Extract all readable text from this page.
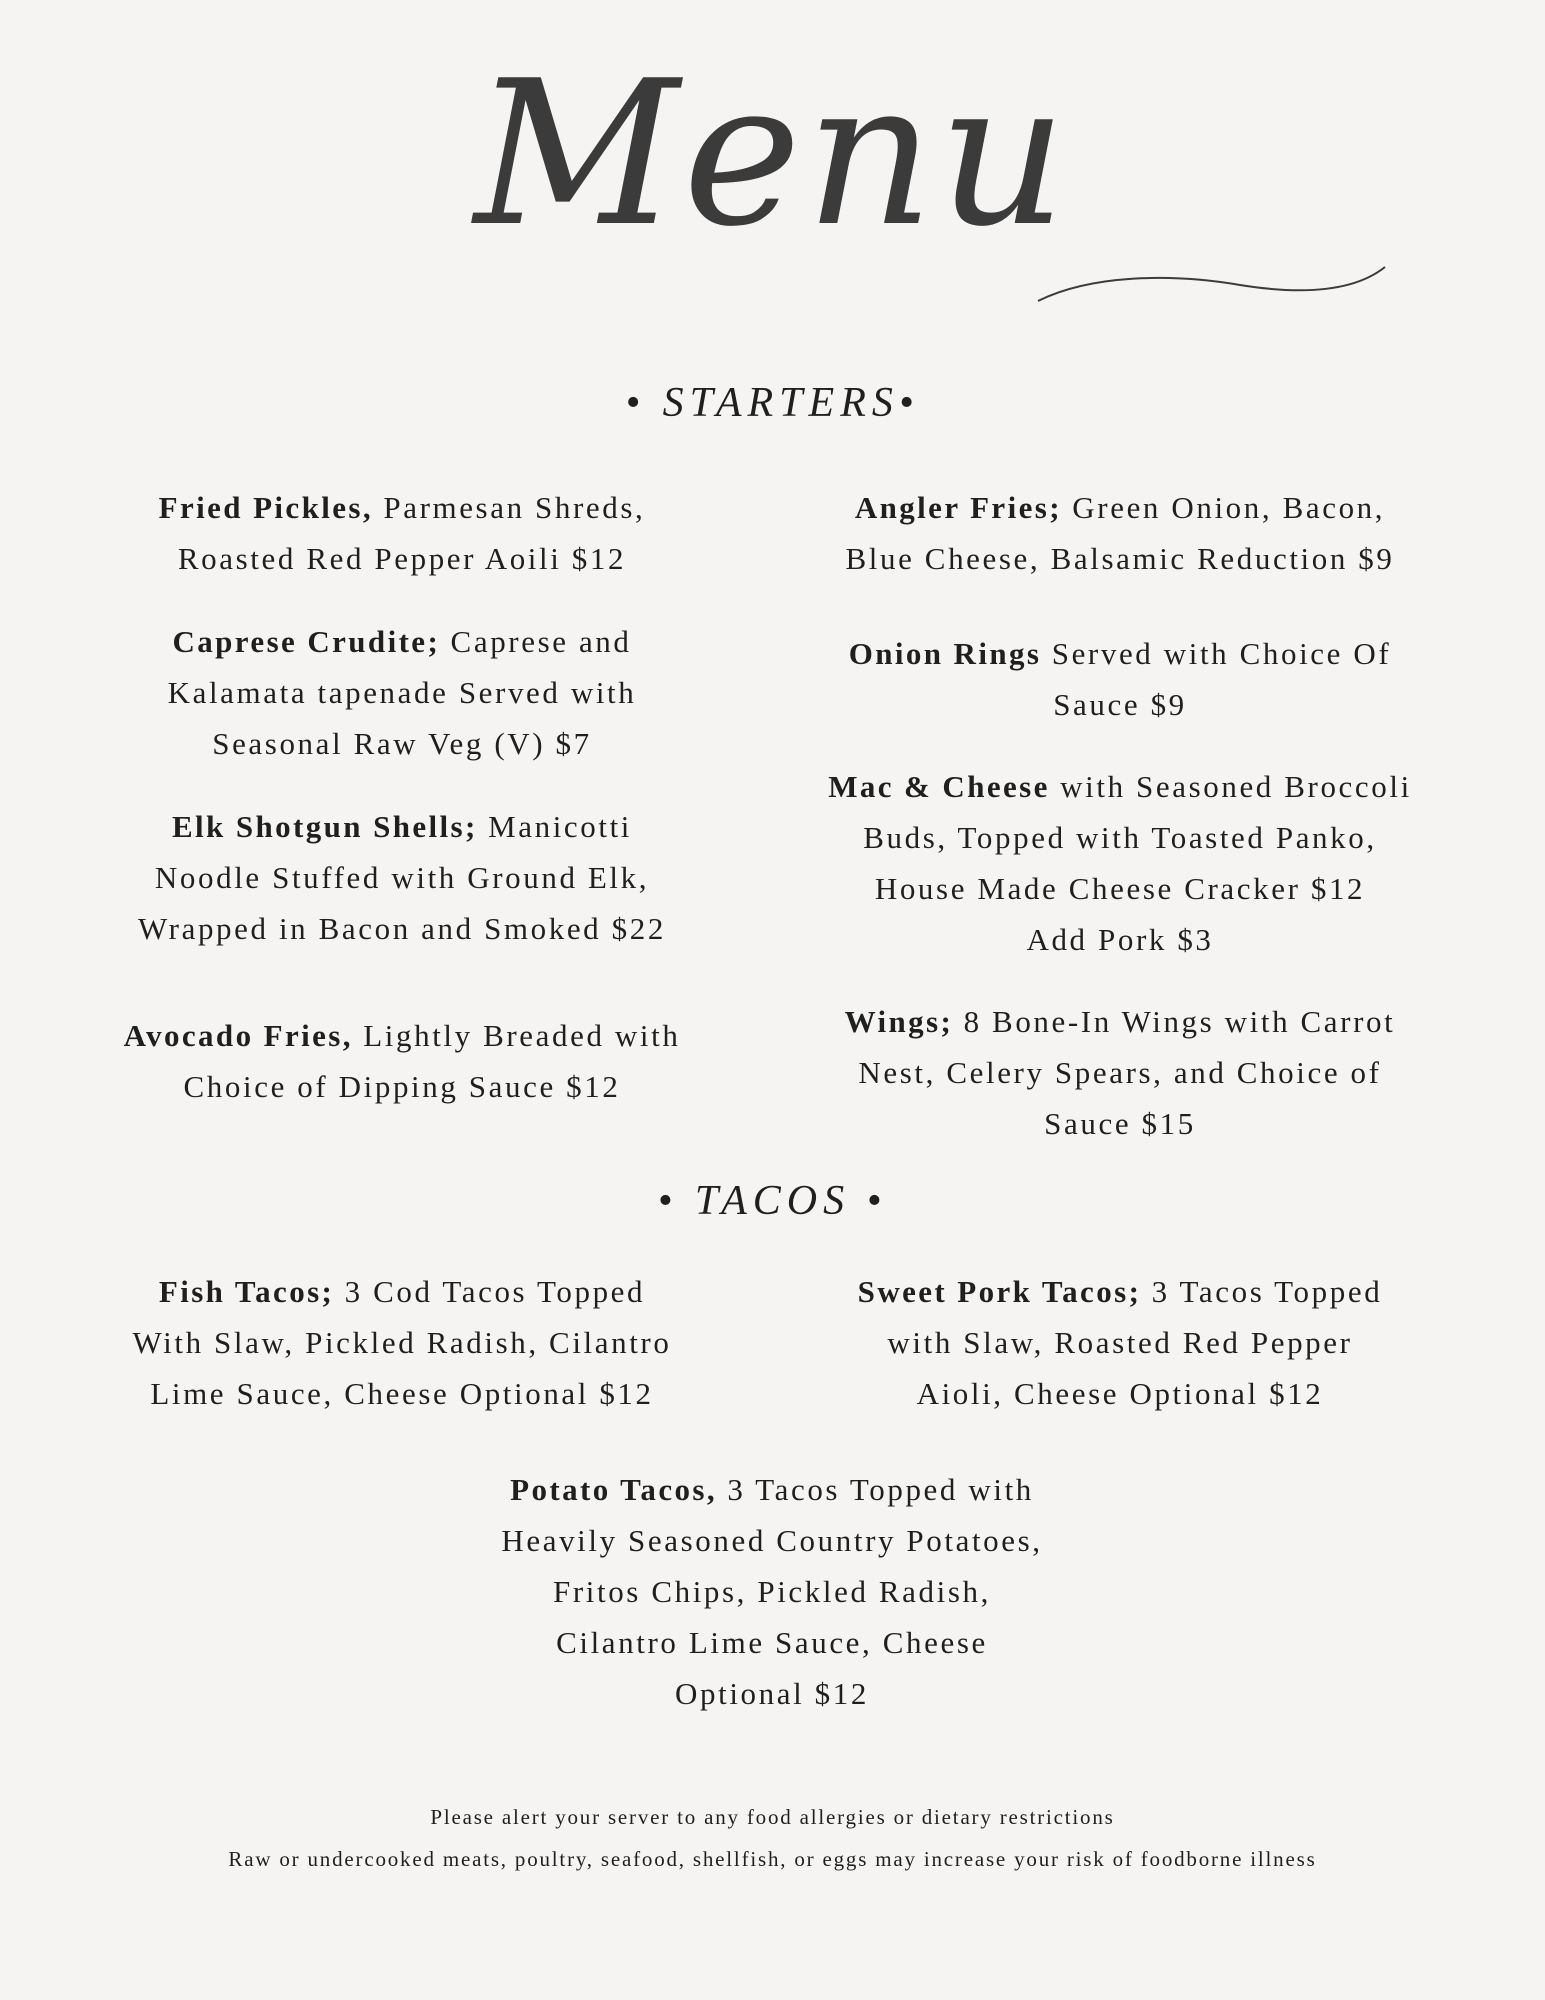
Menu
• STARTERS•
Fried Pickles, Parmesan Shreds,
Roasted Red Pepper Aoili $12
Caprese Crudite; Caprese and
Kalamata tapenade Served with
Seasonal Raw Veg (V) $7
Elk Shotgun Shells; Manicotti
Noodle Stuffed with Ground Elk,
Wrapped in Bacon and Smoked $22
Avocado Fries, Lightly Breaded with
Choice of Dipping Sauce $12
Angler Fries; Green Onion, Bacon,
Blue Cheese, Balsamic Reduction $9
Onion Rings Served with Choice Of
Sauce $9
Mac & Cheese with Seasoned Broccoli
Buds, Topped with Toasted Panko,
House Made Cheese Cracker $12
Add Pork $3
Wings; 8 Bone-In Wings with Carrot
Nest, Celery Spears, and Choice of
Sauce $15
• TACOS •
Fish Tacos; 3 Cod Tacos Topped
With Slaw, Pickled Radish, Cilantro
Lime Sauce, Cheese Optional $12
Sweet Pork Tacos; 3 Tacos Topped
with Slaw, Roasted Red Pepper
Aioli, Cheese Optional $12
Potato Tacos, 3 Tacos Topped with
Heavily Seasoned Country Potatoes,
Fritos Chips, Pickled Radish,
Cilantro Lime Sauce, Cheese
Optional $12
Please alert your server to any food allergies or dietary restrictions
Raw or undercooked meats, poultry, seafood, shellfish, or eggs may increase your risk of foodborne illness
